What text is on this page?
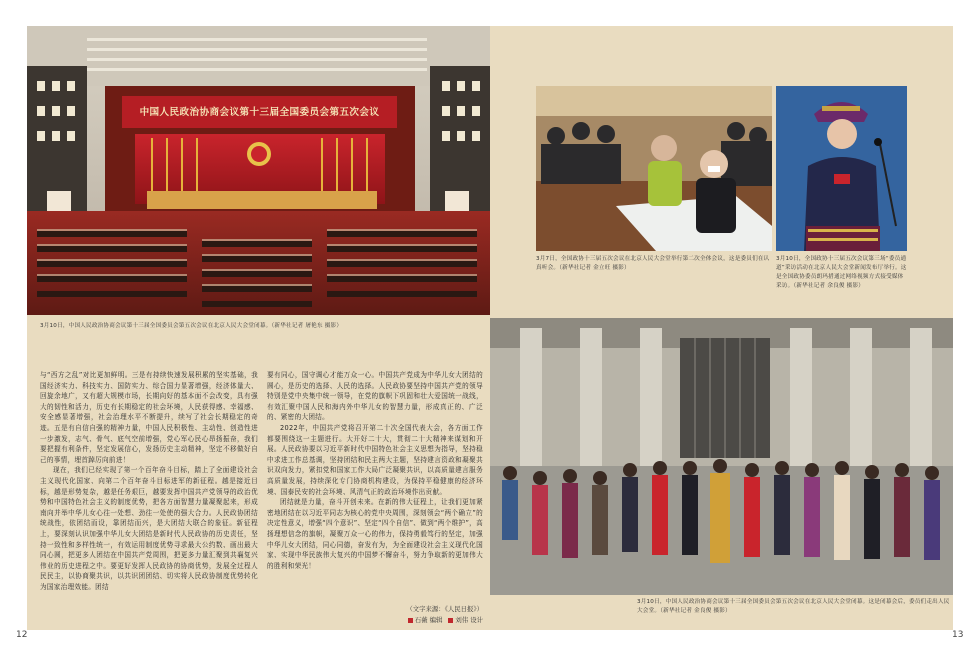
中国人民政治协商会议第十三届全国委员会第五次会议
3月10日，中国人民政治协商会议第十三届全国委员会第五次会议在北京人民大会堂闭幕。（新华社记者 屠艳东 摄影）
3月7日，全国政协十三届五次会议在北京人民大会堂举行第二次全体会议，这是委员们在认真听会。（新华社记者 金立旺 摄影）
3月10日，全国政协十三届五次会议第三场“委员通道”采访活动在北京人民大会堂新闻发布厅举行。这是全国政协委员朗玛措通过网络视频方式接受媒体采访。（新华社记者 余良俊 摄影）
3月10日，中国人民政治协商会议第十三届全国委员会第五次会议在北京人民大会堂闭幕。这是闭幕会后，委员们走出人民大会堂。（新华社记者 金良俊 摄影）

与“西方之乱”对比更加鲜明。三是有持续快速发展积累的坚实基础，我国经济实力、科技实力、国防实力、综合国力显著增强，经济体量大、回旋余地广，又有超大规模市场，长期向好的基本面不会改变，具有强大的韧性和活力，历史有长期稳定的社会环境，人民获得感、幸福感、安全感显著增强，社会治理水平不断提升，续写了社会长期稳定的奇迹。五是有自信自强的精神力量，中国人民积极性、主动性、创造性进一步激发，志气、骨气、底气空前增强，党心军心民心昂扬振奋，我们要把握有利条件，坚定发展信心，发扬历史主动精神，坚定不移做好自己的事情，埋首踔厉向前进！

现在，我们已经实现了第一个百年奋斗目标，踏上了全面建设社会主义现代化国家、向第二个百年奋斗目标进军的新征程。越是接近目标，越是形势复杂，越是任务艰巨，越要发挥中国共产党领导的政治优势和中国特色社会主义的制度优势，把各方面智慧力量凝聚起来，形成南向并举中华儿女心往一处想、劲往一处使的强大合力。人民政协团结统战性，依团结而设，靠团结而兴，是大团结大联合的象征。新征程上，要深刻认识加强中华儿女大团结是新时代人民政协的历史责任，坚持一致性和多样性统一，有效运用制度优势寻求最大公约数、画出最大同心圆，把更多人团结在中国共产党周围，把更多力量汇聚到共襄复兴伟业的历史进程之中。要更好发挥人民政协的协商优势，发展全过程人民民主，以协商聚共识，以共识团团结、切实将人民政协制度优势转化为国家治理效能。团结

要有同心，国守调心才能万众一心。中国共产党成为中华儿女大团结的圆心，是历史的选择、人民的选择。人民政协要坚持中国共产党的领导特别是党中央集中统一领导，在党的旗帜下巩固和壮大爱国统一战线，有效汇聚中国人民和海内外中华儿女的智慧力量，形成真正的、广泛的、紧密的大团结。

2022年，中国共产党将召开第二十次全国代表大会，各方面工作都要围绕这一主题进行。大开好二十大，贯彻二十大精神来谋划和开展。人民政协要以习近平新时代中国特色社会主义思想为指导，坚持稳中求进工作总基调，坚持团结和民主两大主题，坚持建言资政和凝聚共识双向发力，紧扣党和国家工作大局广泛凝聚共识，以高质量建言服务高质量发展，持续深化专门协商机构建设，为保持平稳健康的经济环境、国泰民安的社会环境、风清气正的政治环境作出贡献。

团结就是力量，奋斗开创未来。在新的伟大征程上，让我们更加紧密地团结在以习近平同志为核心的党中央周围，深刻领会“两个确立”的决定性意义，增强“四个意识”、坚定“四个自信”、做到“两个维护”，高扬理想信念的旗帜，凝聚万众一心的伟力，保持勇毅笃行的坚定，加强中华儿女大团结，同心同德，奋发有为，为全面建设社会主义现代化国家、实现中华民族伟大复兴的中国梦不懈奋斗，努力争取新的更加伟大的胜利和荣光！

（文字来源：《人民日报》）
石薇 编辑 刘伟 设计
12	13
